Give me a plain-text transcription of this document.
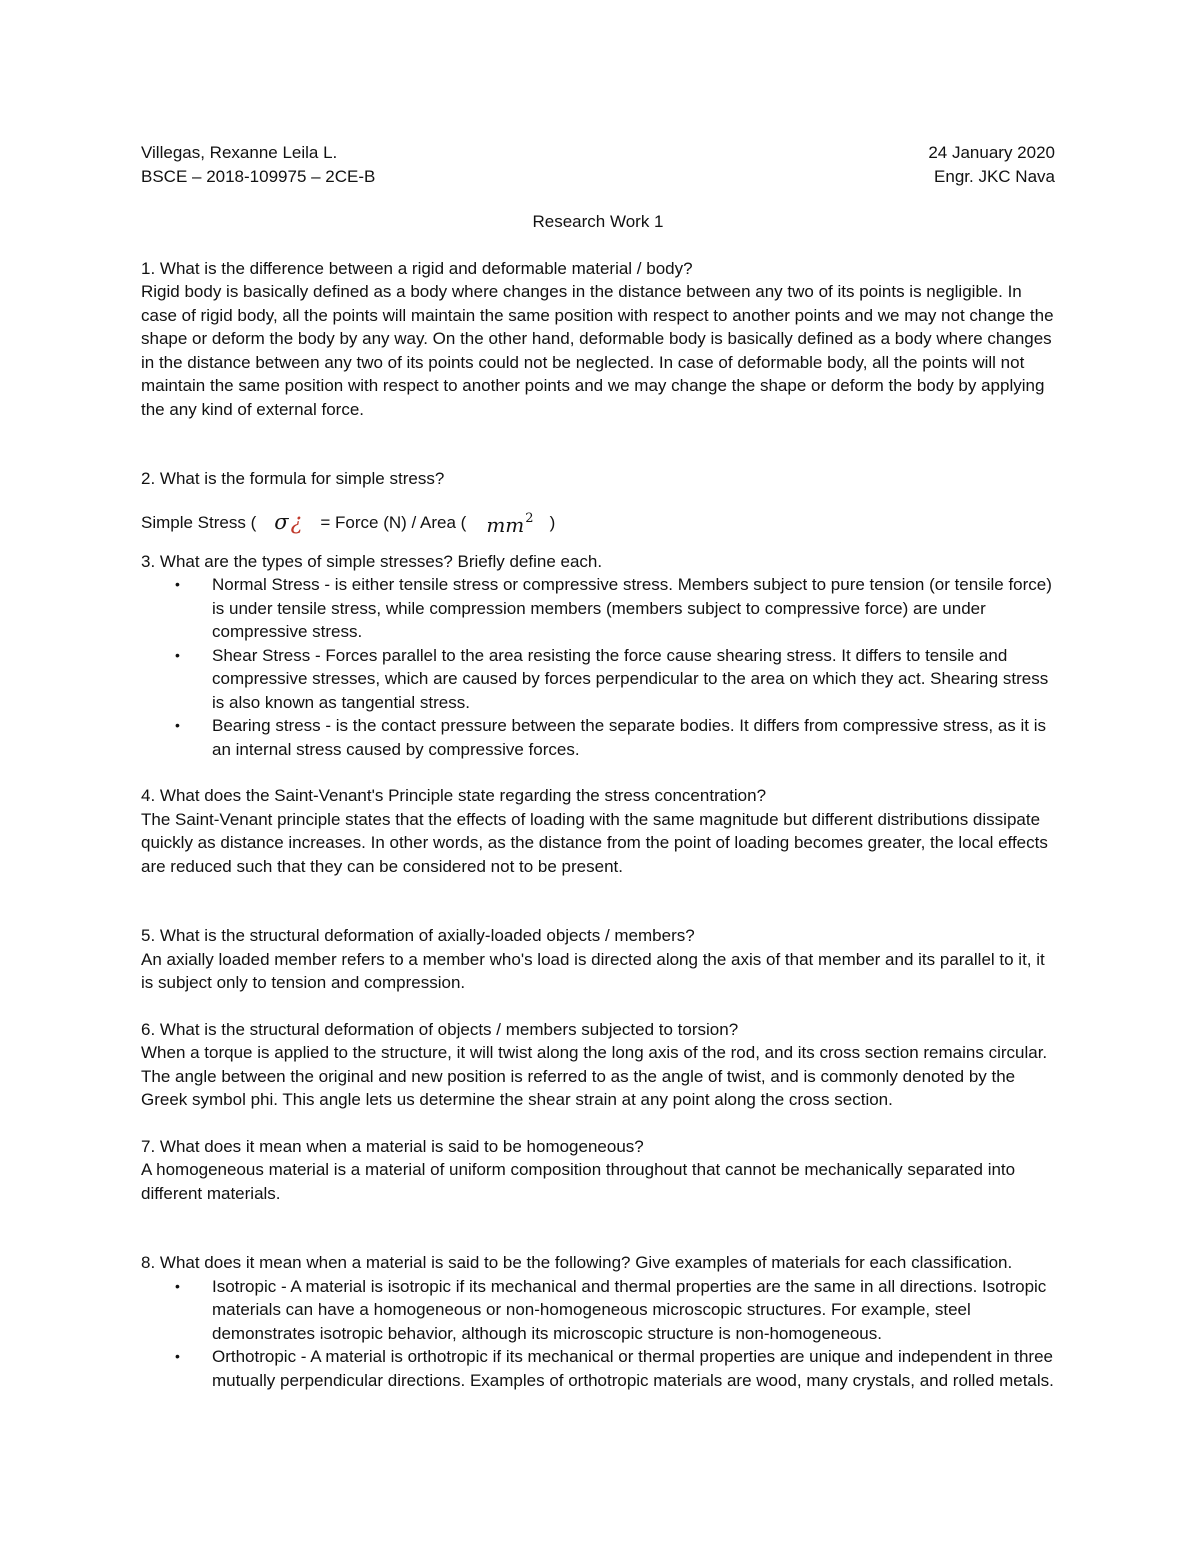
Villegas, Rexanne Leila L.
BSCE – 2018-109975 – 2CE-B
24 January 2020
Engr. JKC Nava
Research Work 1
1. What is the difference between a rigid and deformable material / body?
Rigid body is basically defined as a body where changes in the distance between any two of its points is negligible. In case of rigid body, all the points will maintain the same position with respect to another points and we may not change the shape or deform the body by any way. On the other hand, deformable body is basically defined as a body where changes in the distance between any two of its points could not be neglected. In case of deformable body, all the points will not maintain the same position with respect to another points and we may change the shape or deform the body by applying the any kind of external force.
2. What is the formula for simple stress?
Simple Stress ( σ ¿ = Force (N) / Area ( $mm^2$ )
3. What are the types of simple stresses? Briefly define each.
• Normal Stress - is either tensile stress or compressive stress. Members subject to pure tension (or tensile force) is under tensile stress, while compression members (members subject to compressive force) are under compressive stress.
• Shear Stress - Forces parallel to the area resisting the force cause shearing stress. It differs to tensile and compressive stresses, which are caused by forces perpendicular to the area on which they act. Shearing stress is also known as tangential stress.
• Bearing stress - is the contact pressure between the separate bodies. It differs from compressive stress, as it is an internal stress caused by compressive forces.
4. What does the Saint-Venant's Principle state regarding the stress concentration?
The Saint-Venant principle states that the effects of loading with the same magnitude but different distributions dissipate quickly as distance increases. In other words, as the distance from the point of loading becomes greater, the local effects are reduced such that they can be considered not to be present.
5. What is the structural deformation of axially-loaded objects / members?
An axially loaded member refers to a member who's load is directed along the axis of that member and its parallel to it, it is subject only to tension and compression.
6. What is the structural deformation of objects / members subjected to torsion?
When a torque is applied to the structure, it will twist along the long axis of the rod, and its cross section remains circular. The angle between the original and new position is referred to as the angle of twist, and is commonly denoted by the Greek symbol phi. This angle lets us determine the shear strain at any point along the cross section.
7. What does it mean when a material is said to be homogeneous?
A homogeneous material is a material of uniform composition throughout that cannot be mechanically separated into different materials.
8. What does it mean when a material is said to be the following? Give examples of materials for each classification.
• Isotropic - A material is isotropic if its mechanical and thermal properties are the same in all directions. Isotropic materials can have a homogeneous or non-homogeneous microscopic structures. For example, steel demonstrates isotropic behavior, although its microscopic structure is non-homogeneous.
• Orthotropic - A material is orthotropic if its mechanical or thermal properties are unique and independent in three mutually perpendicular directions. Examples of orthotropic materials are wood, many crystals, and rolled metals.
